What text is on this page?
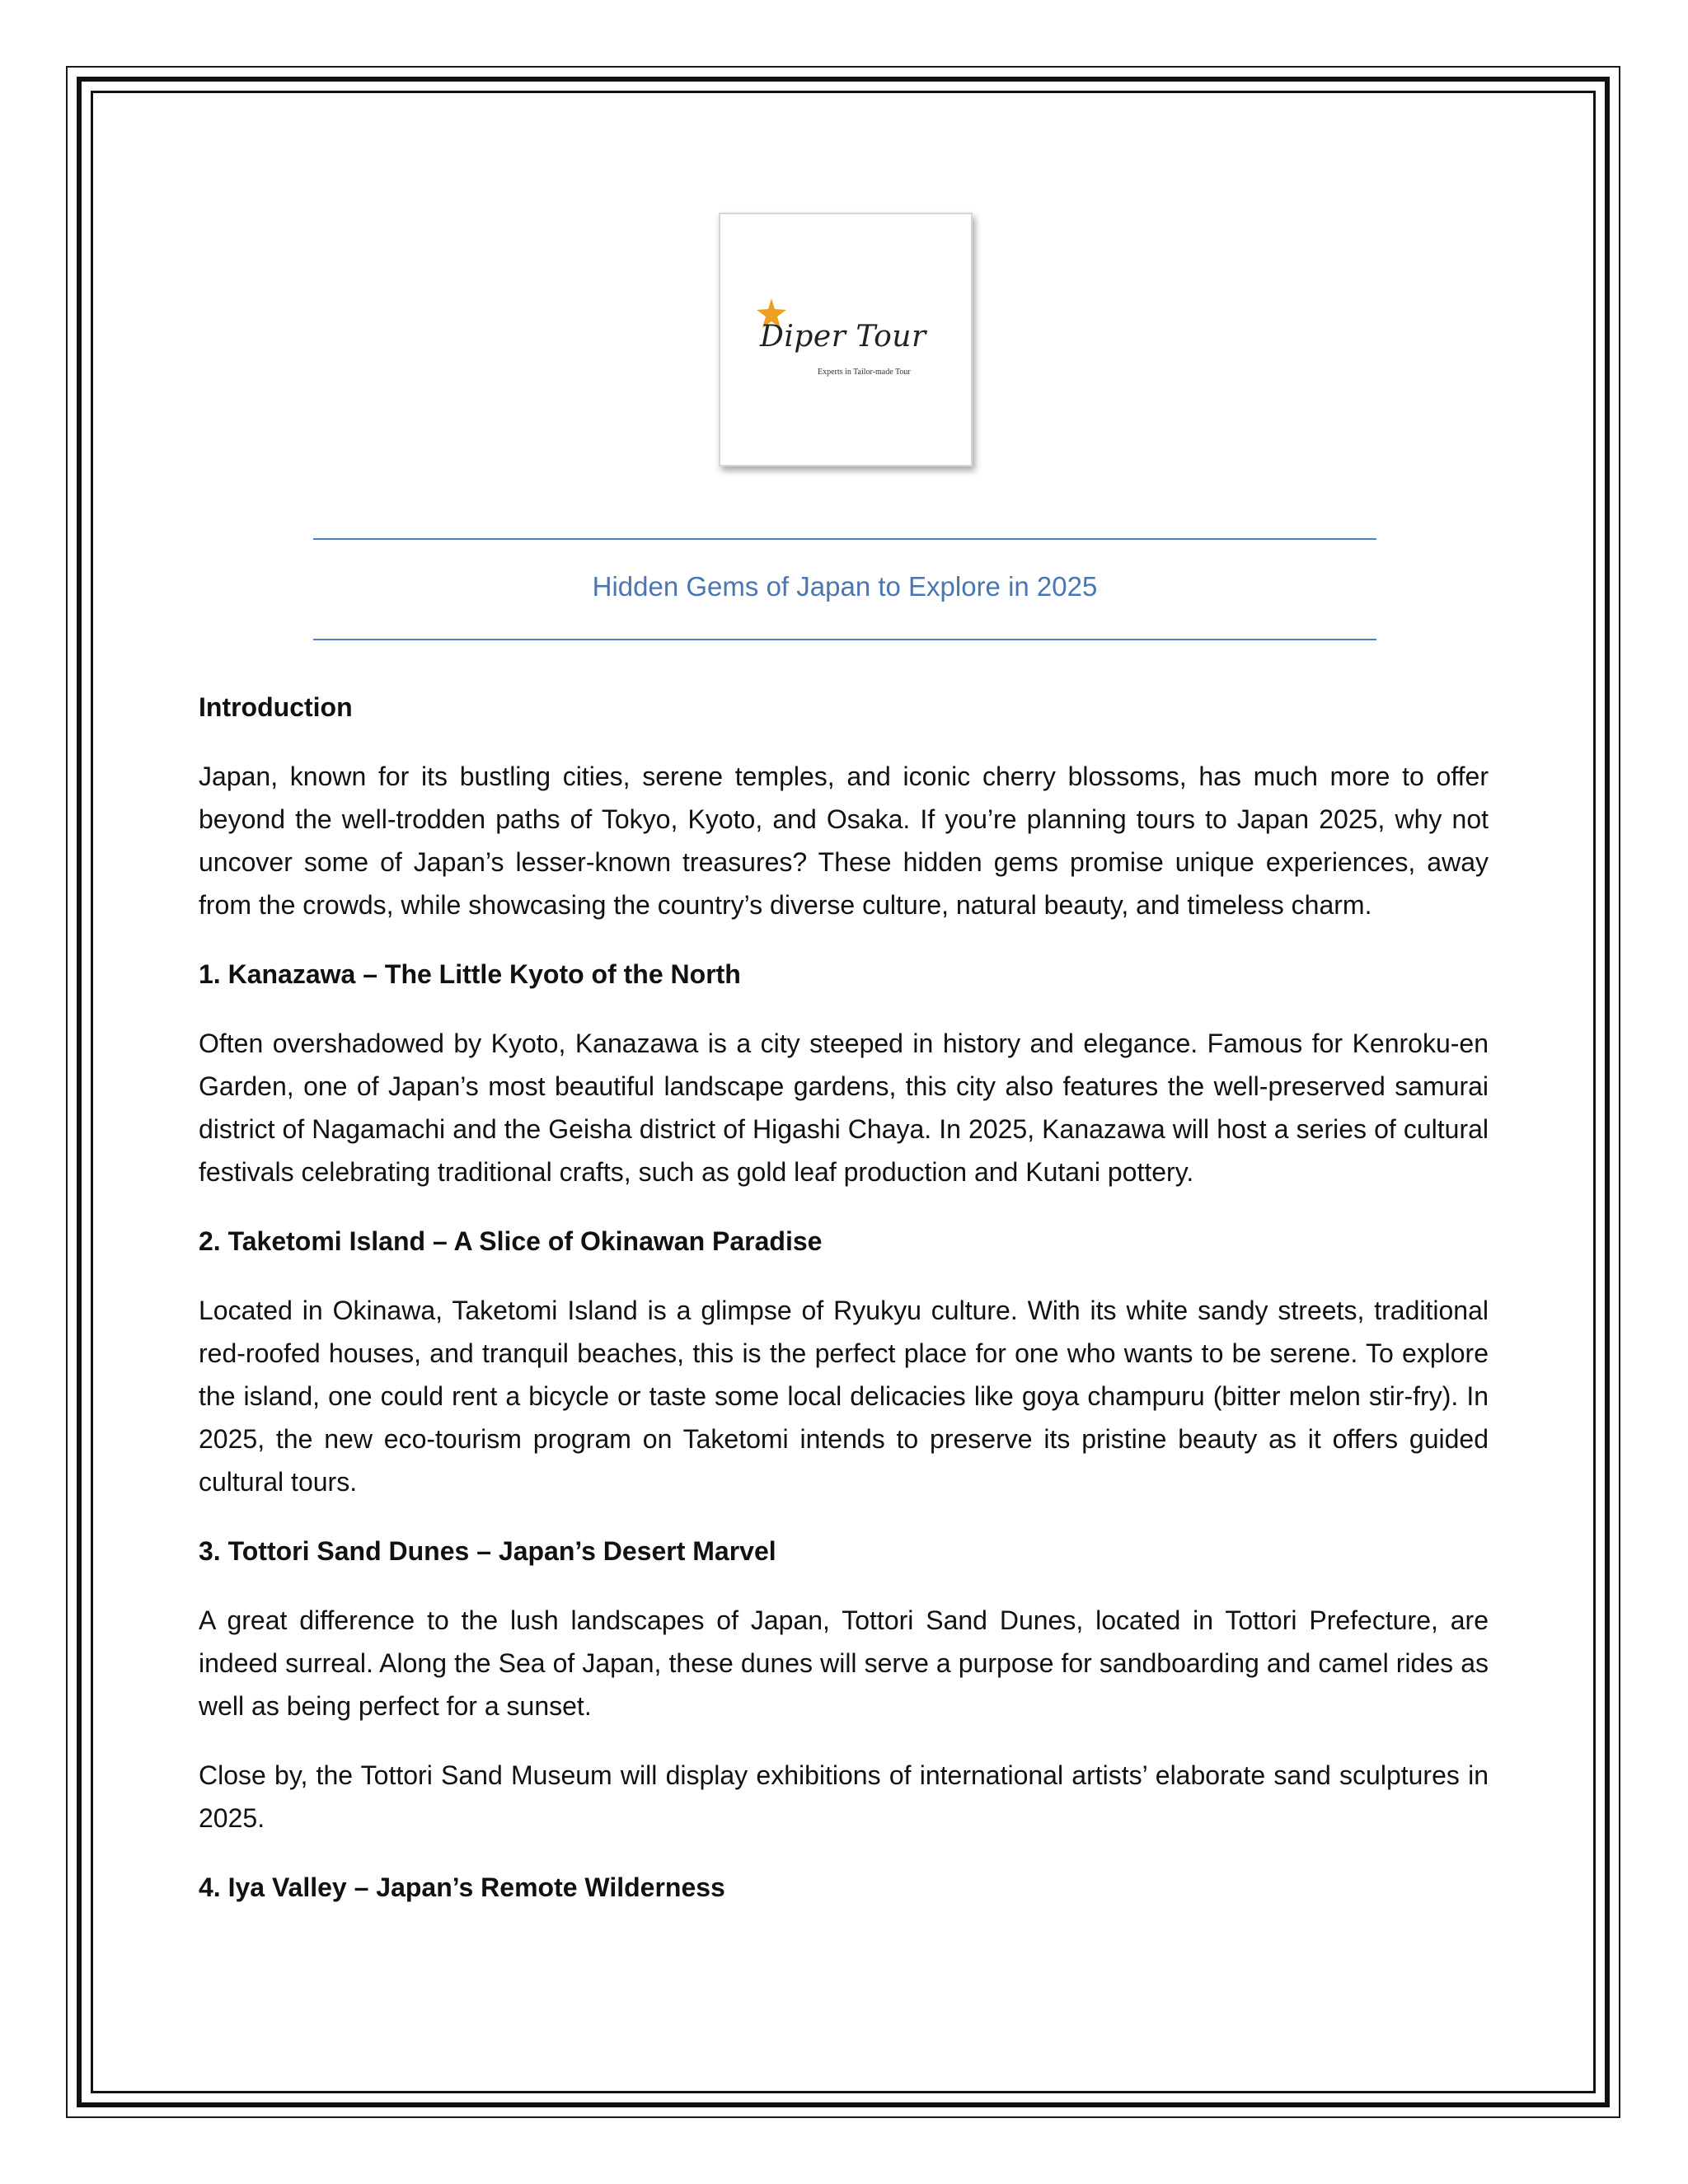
Diper Tour
Experts in Tailor-made Tour
Hidden Gems of Japan to Explore in 2025
Introduction

Japan, known for its bustling cities, serene temples, and iconic cherry blossoms, has much more to offer beyond the well-trodden paths of Tokyo, Kyoto, and Osaka. If you’re planning tours to Japan 2025, why not uncover some of Japan’s lesser-known treasures? These hidden gems promise unique experiences, away from the crowds, while showcasing the country’s diverse culture, natural beauty, and timeless charm.

1. Kanazawa – The Little Kyoto of the North

Often overshadowed by Kyoto, Kanazawa is a city steeped in history and elegance. Famous for Kenroku-en Garden, one of Japan’s most beautiful landscape gardens, this city also features the well-preserved samurai district of Nagamachi and the Geisha district of Higashi Chaya. In 2025, Kanazawa will host a series of cultural festivals celebrating traditional crafts, such as gold leaf production and Kutani pottery.

2. Taketomi Island – A Slice of Okinawan Paradise

Located in Okinawa, Taketomi Island is a glimpse of Ryukyu culture. With its white sandy streets, traditional red-roofed houses, and tranquil beaches, this is the perfect place for one who wants to be serene. To explore the island, one could rent a bicycle or taste some local delicacies like goya champuru (bitter melon stir-fry). In 2025, the new eco-tourism program on Taketomi intends to preserve its pristine beauty as it offers guided cultural tours.

3. Tottori Sand Dunes – Japan’s Desert Marvel

A great difference to the lush landscapes of Japan, Tottori Sand Dunes, located in Tottori Prefecture, are indeed surreal. Along the Sea of Japan, these dunes will serve a purpose for sandboarding and camel rides as well as being perfect for a sunset.

Close by, the Tottori Sand Museum will display exhibitions of international artists’ elaborate sand sculptures in 2025.

4. Iya Valley – Japan’s Remote Wilderness
